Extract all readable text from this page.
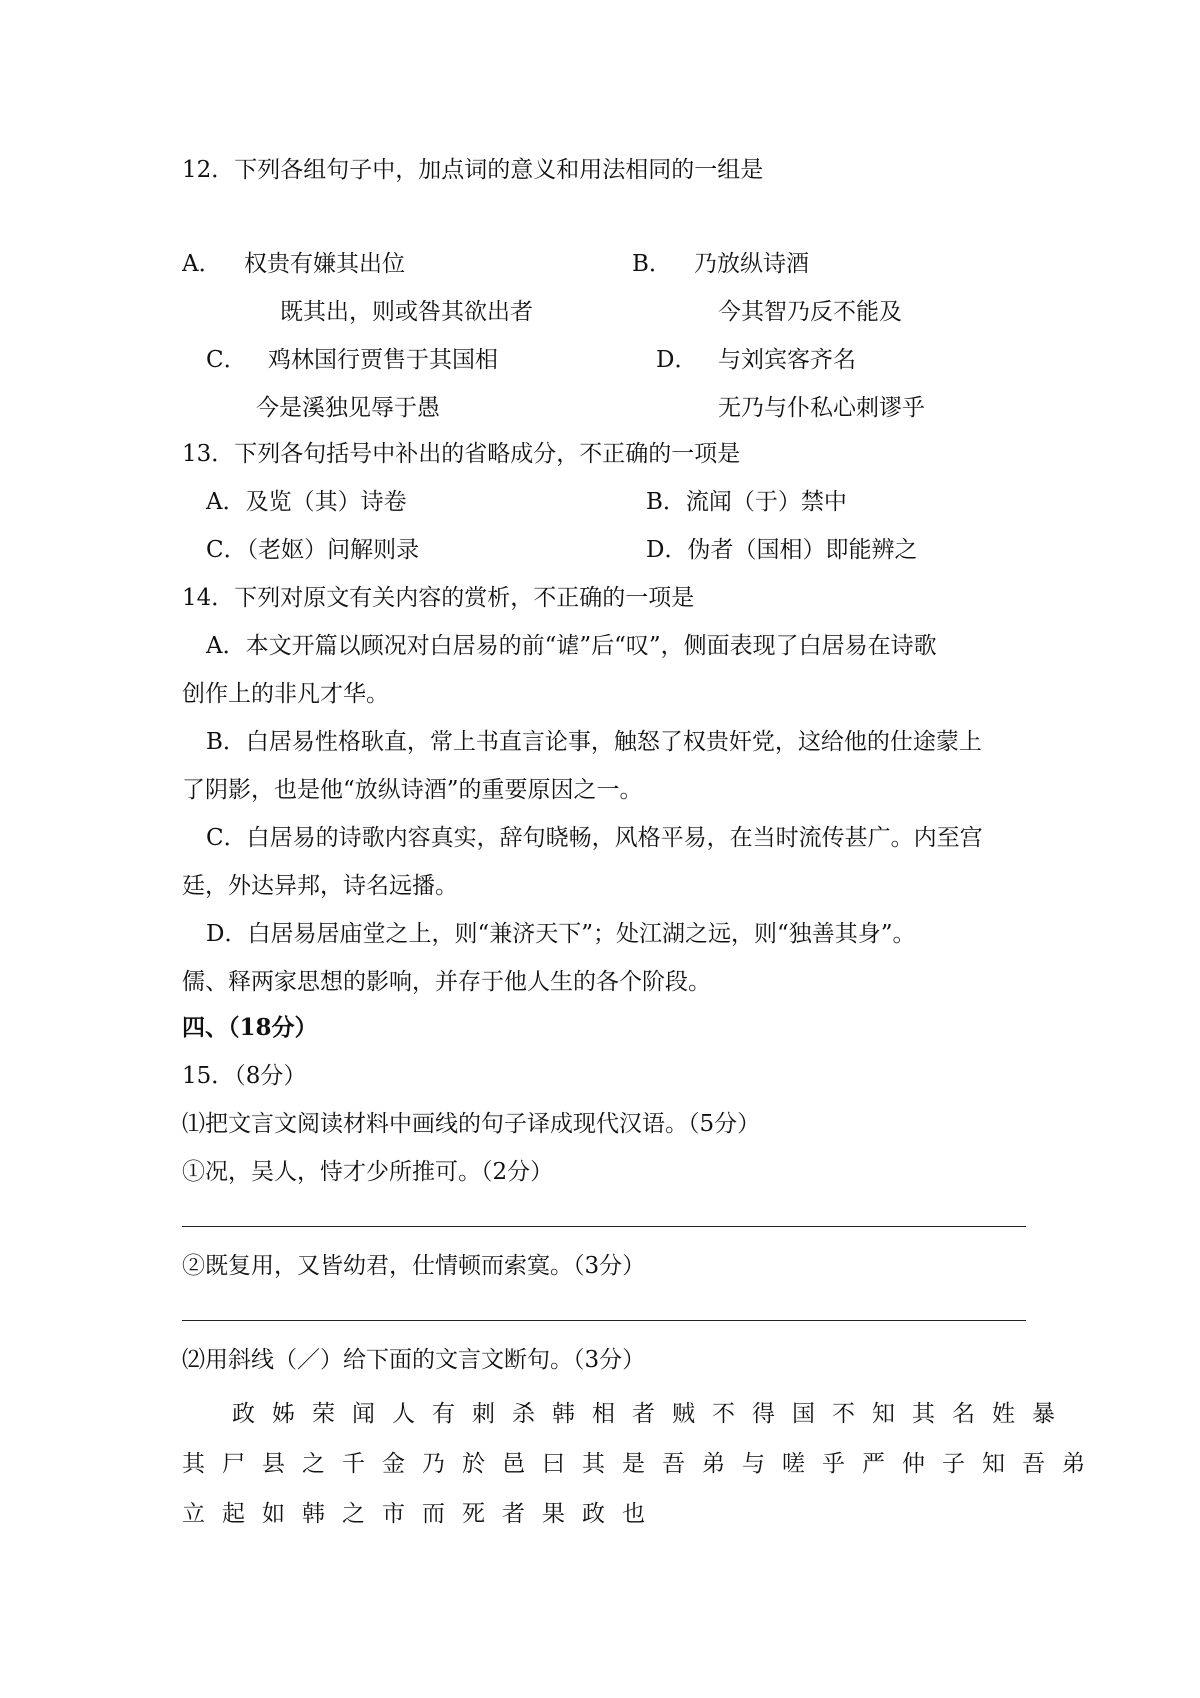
12．下列各组句子中，加点词的意义和用法相同的一组是
A． 权贵有嫌其出位
既其出，则或咎其欲出者
B． 乃放纵诗酒
今其智乃反不能及
C． 鸡林国行贾售于其国相
今是溪独见辱于愚
D． 与刘宾客齐名
无乃与仆私心刺谬乎
13．下列各句括号中补出的省略成分，不正确的一项是
A．及览（其）诗卷	B．流闻（于）禁中
C．（老妪）问解则录	D．伪者（国相）即能辨之
14．下列对原文有关内容的赏析，不正确的一项是
A．本文开篇以顾况对白居易的前“谑”后“叹”，侧面表现了白居易在诗歌
创作上的非凡才华。
B．白居易性格耿直，常上书直言论事，触怒了权贵奸党，这给他的仕途蒙上
了阴影，也是他“放纵诗酒”的重要原因之一。
C．白居易的诗歌内容真实，辞句晓畅，风格平易，在当时流传甚广。内至宫
廷，外达异邦，诗名远播。
D．白居易居庙堂之上，则“兼济天下”；处江湖之远，则“独善其身”。
儒、释两家思想的影响，并存于他人生的各个阶段。
四、（18分）
15．（8分）
⑴把文言文阅读材料中画线的句子译成现代汉语。（5分）
①况，吴人，恃才少所推可。（2分）
②既复用，又皆幼君，仕情顿而索寞。（3分）
⑵用斜线（／）给下面的文言文断句。（3分）
政姊荣闻人有刺杀韩相者贼不得国不知其名姓暴
其尸县之千金乃於邑曰其是吾弟与嗟乎严仲子知吾弟
立起如韩之市而死者果政也
